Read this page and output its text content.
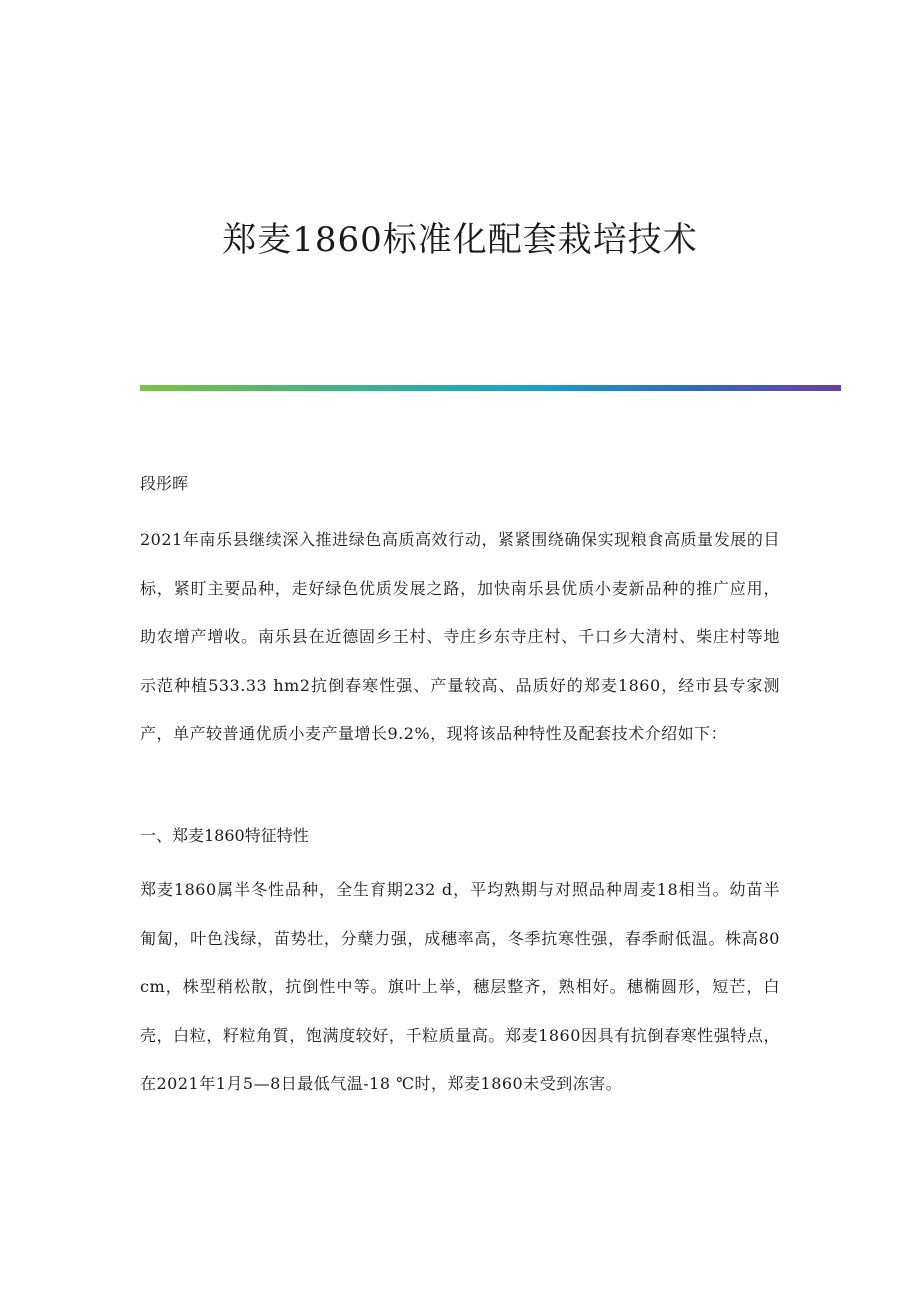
郑麦1860标准化配套栽培技术

段彤晖

2021年南乐县继续深入推进绿色高质高效行动，紧紧围绕确保实现粮食高质量发展的目标，紧盯主要品种，走好绿色优质发展之路，加快南乐县优质小麦新品种的推广应用，助农增产增收。南乐县在近德固乡王村、寺庄乡东寺庄村、千口乡大清村、柴庄村等地示范种植533.33 hm2抗倒春寒性强、产量较高、品质好的郑麦1860，经市县专家测产，单产较普通优质小麦产量增长9.2%，现将该品种特性及配套技术介绍如下：

一、郑麦1860特征特性

郑麦1860属半冬性品种，全生育期232 d，平均熟期与对照品种周麦18相当。幼苗半匍匐，叶色浅绿，苗势壮，分蘖力强，成穗率高，冬季抗寒性强，春季耐低温。株高80 cm，株型稍松散，抗倒性中等。旗叶上举，穗层整齐，熟相好。穗椭圆形，短芒，白壳，白粒，籽粒角質，饱满度较好，千粒质量高。郑麦1860因具有抗倒春寒性强特点，在2021年1月5—8日最低气温-18 ℃时，郑麦1860未受到冻害。
